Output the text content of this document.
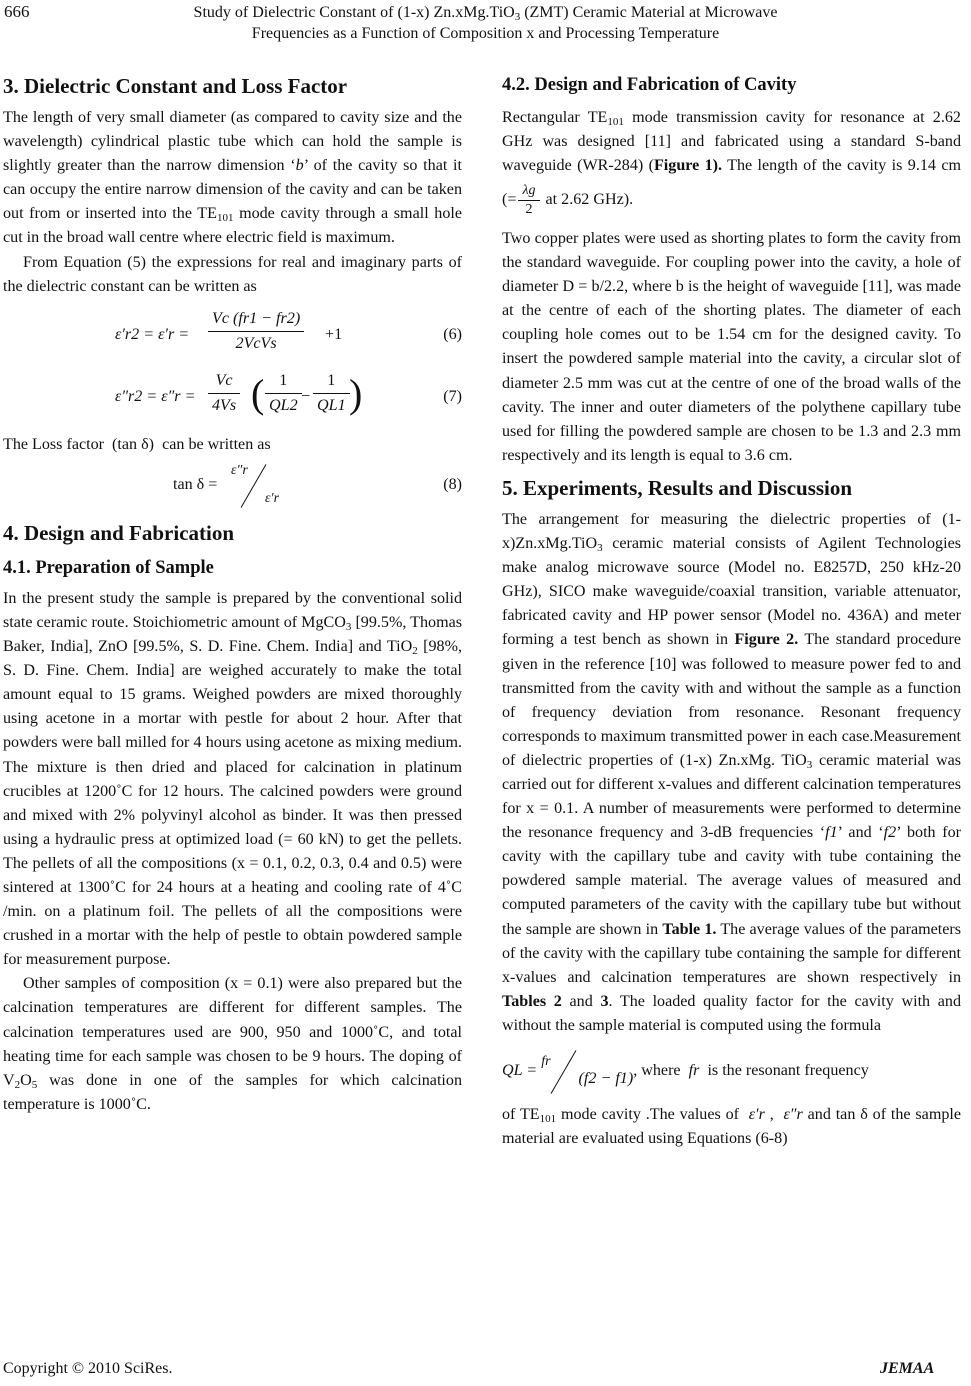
666	Study of Dielectric Constant of (1-x) Zn.xMg.TiO$_3$ (ZMT) Ceramic Material at Microwave
Frequencies as a Function of Composition x and Processing Temperature
3. Dielectric Constant and Loss Factor

The length of very small diameter (as compared to cavity size and the wavelength) cylindrical plastic tube which can hold the sample is slightly greater than the narrow dimension ‘b’ of the cavity so that it can occupy the entire narrow dimension of the cavity and can be taken out from or inserted into the $TE_{101}$ mode cavity through a small hole cut in the broad wall centre where electric field is maximum.

From Equation (5) the expressions for real and imaginary parts of the dielectric constant can be written as

ε′r2 = ε′r =
Vc (fr1 − fr2)
2VcVs
+1	(6)
$\varepsilon''r2 = \varepsilon''r = \frac{Vc}{4Vs}$ ( $\frac{1}{QL2} - \frac{1}{QL1}$ )	(7)

The Loss factor (tan δ) can be written as

tan δ =
ε″r
ε′r
(8)
4. Design and Fabrication
4.1. Preparation of Sample

In the present study the sample is prepared by the conventional solid state ceramic route. Stoichiometric amount of MgCO$_3$ [99.5%, Thomas Baker, India], ZnO [99.5%, S. D. Fine. Chem. India] and TiO$_2$ [98%, S. D. Fine. Chem. India] are weighed accurately to make the total amount equal to 15 grams. Weighed powders are mixed thoroughly using acetone in a mortar with pestle for about 2 hour. After that powders were ball milled for 4 hours using acetone as mixing medium. The mixture is then dried and placed for calcination in platinum crucibles at 1200˚C for 12 hours. The calcined powders were ground and mixed with 2% polyvinyl alcohol as binder. It was then pressed using a hydraulic press at optimized load (= 60 kN) to get the pellets. The pellets of all the compositions (x = 0.1, 0.2, 0.3, 0.4 and 0.5) were sintered at 1300˚C for 24 hours at a heating and cooling rate of 4˚C /min. on a platinum foil. The pellets of all the compositions were crushed in a mortar with the help of pestle to obtain powdered sample for measurement purpose.

Other samples of composition (x = 0.1) were also prepared but the calcination temperatures are different for different samples. The calcination temperatures used are 900, 950 and 1000˚C, and total heating time for each sample was chosen to be 9 hours. The doping of $V_2O_5$ was done in one of the samples for which calcination temperature is 1000˚C.

4.2. Design and Fabrication of Cavity

Rectangular $TE_{101}$ mode transmission cavity for resonance at 2.62 GHz was designed [11] and fabricated using a standard S-band waveguide (WR-284) (Figure 1). The length of the cavity is 9.14 cm (= $\frac{\lambda g}{2}$ at 2.62 GHz).

Two copper plates were used as shorting plates to form the cavity from the standard waveguide. For coupling power into the cavity, a hole of diameter D = b/2.2, where b is the height of waveguide [11], was made at the centre of each of the shorting plates. The diameter of each coupling hole comes out to be 1.54 cm for the designed cavity. To insert the powdered sample material into the cavity, a circular slot of diameter 2.5 mm was cut at the centre of one of the broad walls of the cavity. The inner and outer diameters of the polythene capillary tube used for filling the powdered sample are chosen to be 1.3 and 2.3 mm respectively and its length is equal to 3.6 cm.

5. Experiments, Results and Discussion

The arrangement for measuring the dielectric properties of (1-x)Zn.xMg.TiO$_3$ ceramic material consists of Agilent Technologies make analog microwave source (Model no. E8257D, 250 kHz-20 GHz), SICO make waveguide/coaxial transition, variable attenuator, fabricated cavity and HP power sensor (Model no. 436A) and meter forming a test bench as shown in Figure 2. The standard procedure given in the reference [10] was followed to measure power fed to and transmitted from the cavity with and without the sample as a function of frequency deviation from resonance. Resonant frequency corresponds to maximum transmitted power in each case.Measurement of dielectric properties of (1-x) Zn.xMg. TiO$_3$ ceramic material was carried out for different x-values and different calcination temperatures for x = 0.1. A number of measurements were performed to determine the resonance frequency and 3-dB frequencies ‘f1’ and ‘f2’ both for cavity with the capillary tube and cavity with tube containing the powdered sample material. The average values of measured and computed parameters of the cavity with the capillary tube but without the sample are shown in Table 1. The average values of the parameters of the cavity with the capillary tube containing the sample for different x-values and calcination temperatures are shown respectively in Tables 2 and 3. The loaded quality factor for the cavity with and without the sample material is computed using the formula

QL = fr(f2 − f1), where fr is the resonant frequency

of $TE_{101}$ mode cavity .The values of ε′r , ε″r and tan δ of the sample material are evaluated using Equations (6-8)

Copyright © 2010 SciRes.	JEMAA
